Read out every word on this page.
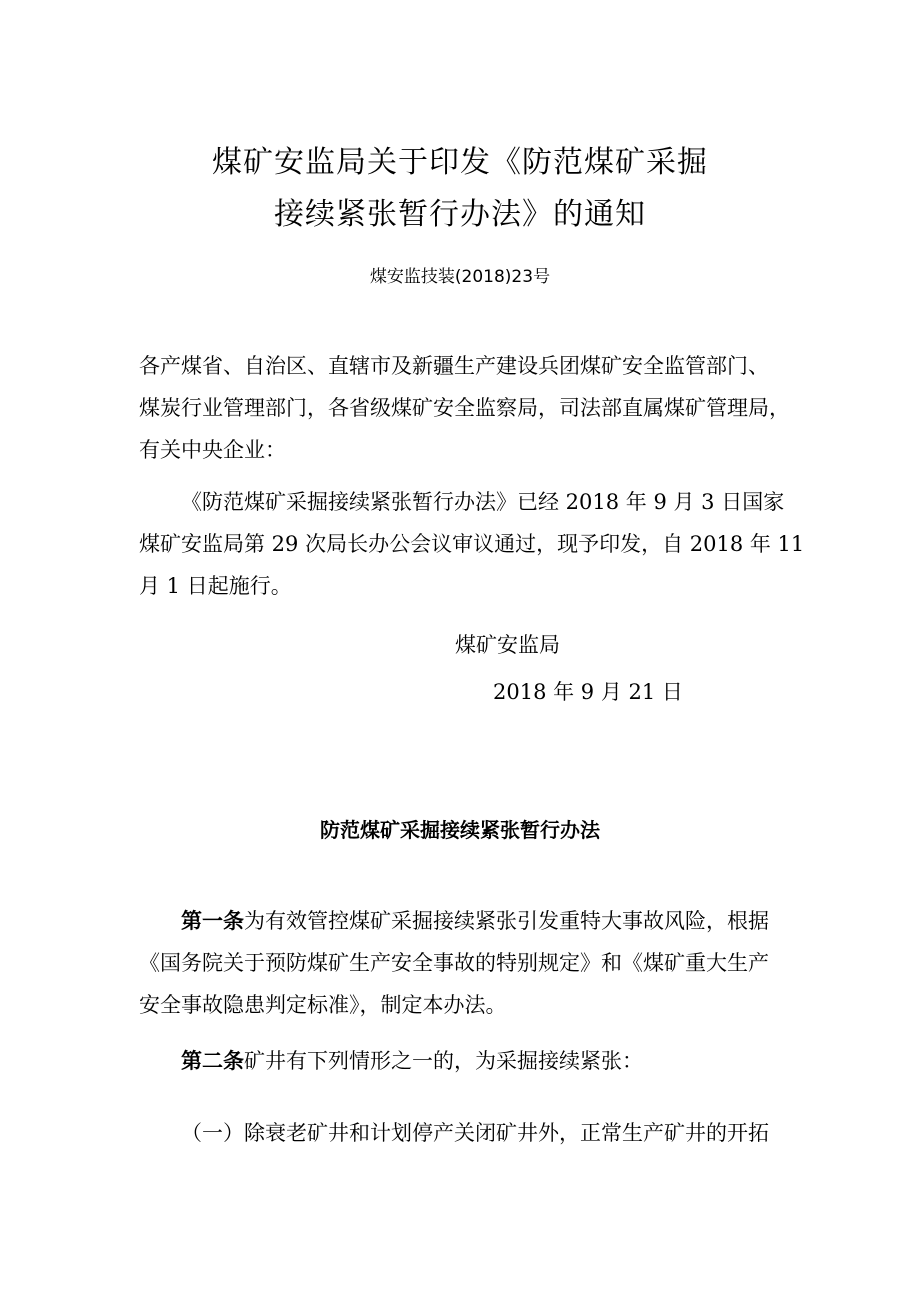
煤矿安监局关于印发《防范煤矿采掘
接续紧张暂行办法》的通知
煤安监技装(2018)23号
各产煤省、自治区、直辖市及新疆生产建设兵团煤矿安全监管部门、
煤炭行业管理部门，各省级煤矿安全监察局，司法部直属煤矿管理局，
有关中央企业：
《防范煤矿采掘接续紧张暂行办法》已经 2018 年 9 月 3 日国家
煤矿安监局第 29 次局长办公会议审议通过，现予印发，自 2018 年 11
月 1 日起施行。
煤矿安监局
2018 年 9 月 21 日
防范煤矿采掘接续紧张暂行办法
第一条为有效管控煤矿采掘接续紧张引发重特大事故风险，根据
《国务院关于预防煤矿生产安全事故的特别规定》和《煤矿重大生产
安全事故隐患判定标准》，制定本办法。
第二条矿井有下列情形之一的，为采掘接续紧张：
（一）除衰老矿井和计划停产关闭矿井外，正常生产矿井的开拓
